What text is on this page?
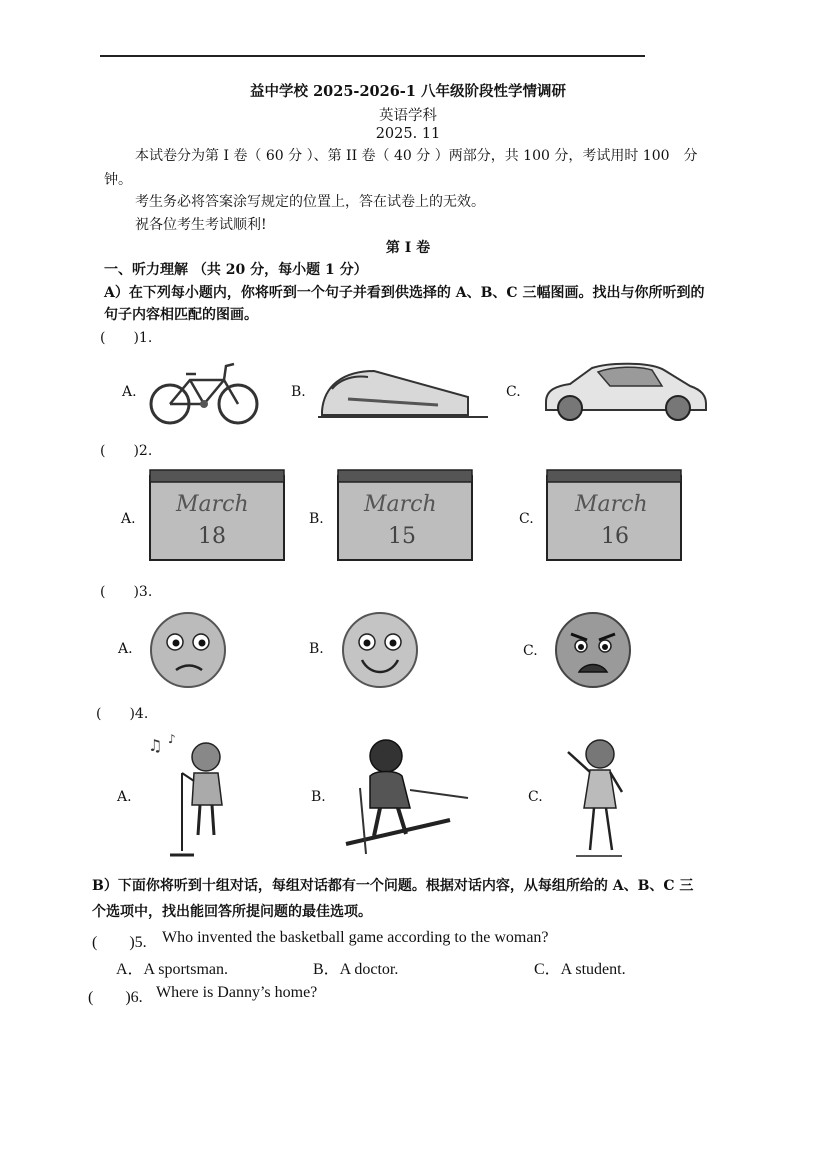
益中学校 2025-2026-1 八年级阶段性学情调研
英语学科
2025. 11
本试卷分为第 I 卷（ 60 分 ）、第 II 卷（ 40 分 ）两部分，共 100 分，考试用时 100　分
钟。
考生务必将答案涂写规定的位置上，答在试卷上的无效。
祝各位考生考试顺利!
第 I 卷
一、听力理解 （共 20 分，每小题 1 分）
A）在下列每小题内，你将听到一个句子并看到供选择的 A、B、C 三幅图画。找出与你所听到的
句子内容相匹配的图画。
(　　)1.
A.	B.	C.
(　　)2.
A.
March
18
B.
March
15
C.
March
16
(　　)3.
A.	B.	C.
(　　)4.
A.
♫ ♪
B.	C.
B）下面你将听到十组对话，每组对话都有一个问题。根据对话内容，从每组所给的 A、B、C 三
个选项中，找出能回答所提问题的最佳选项。
(　　)5. Who invented the basketball game according to the woman?
A．A sportsman.	B．A doctor.	C．A student.
(　　)6. Where is Danny’s home?
